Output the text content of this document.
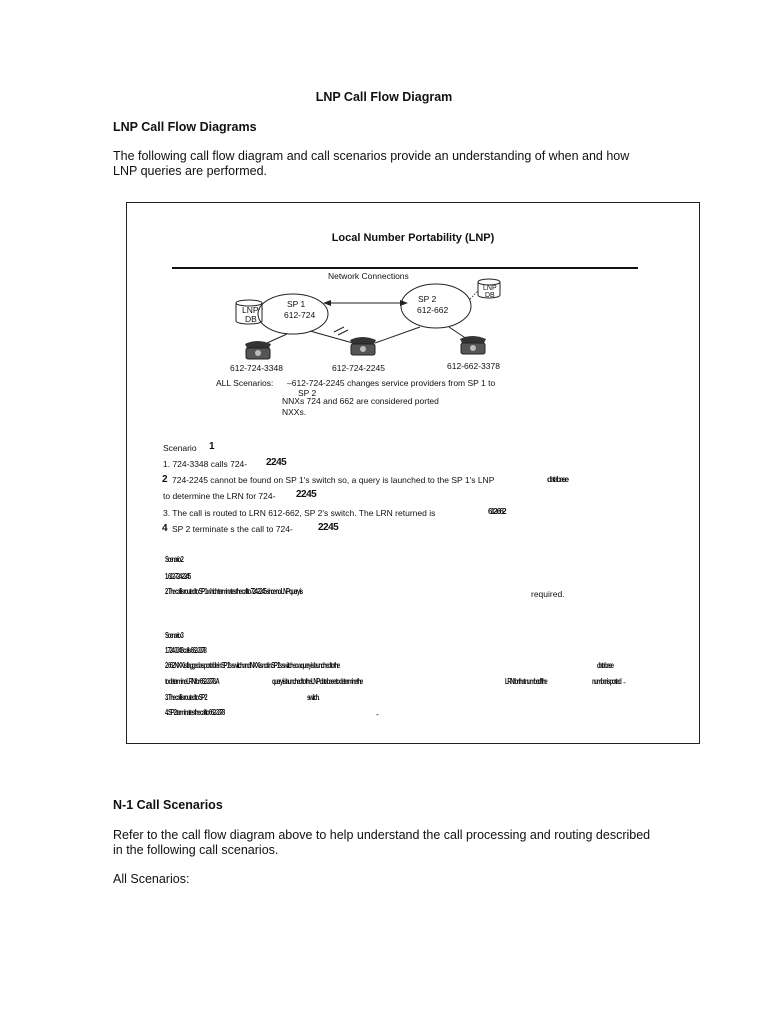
LNP Call Flow Diagram
LNP Call Flow Diagrams
The following call flow diagram and call scenarios provide an understanding of when and how
LNP queries are performed.
Local Number Portability (LNP)
Network Connections
SP 1
612-724
SP 2
612-662
LNP
DB
LNP
DB
612-724-3348	612-724-2245	612-662-3378
ALL Scenarios: –612-724-2245 changes service providers from SP 1 to
SP 2
NNXs 724 and 662 are considered ported
NXXs.
Scenario 1
1. 724-3348 calls 724- 2245
2 724-2245 cannot be found on SP 1's switch so, a query is launched to the SP 1's LNP	database
to determine the LRN for 724- 2245
3. The call is routed to LRN 612-662, SP 2's switch. The LRN returned is	612-662
4 SP 2 terminate s the call to 724-	2245
Scenario 2
1. 612-724-2245
2. The call is routed to SP 1 which terminates the call to 724-2245 since no LNP query is	required.
Scenario 3
1 724-3348 calls 662-3378
2. 662 NXX is flagged as portable in SP 1's switch and NXX is not in SP 1's switch so a query is launched to the	database
to determine LRN for 662-3378. A	query is launched to the LNP database to determine the	LRN for that number. If the	number is ported -
3. The call is routed to SP 2	switch.
4. SP 2 terminates the call to 662-3378	-
N-1 Call Scenarios
Refer to the call flow diagram above to help understand the call processing and routing described
in the following call scenarios.
All Scenarios:
